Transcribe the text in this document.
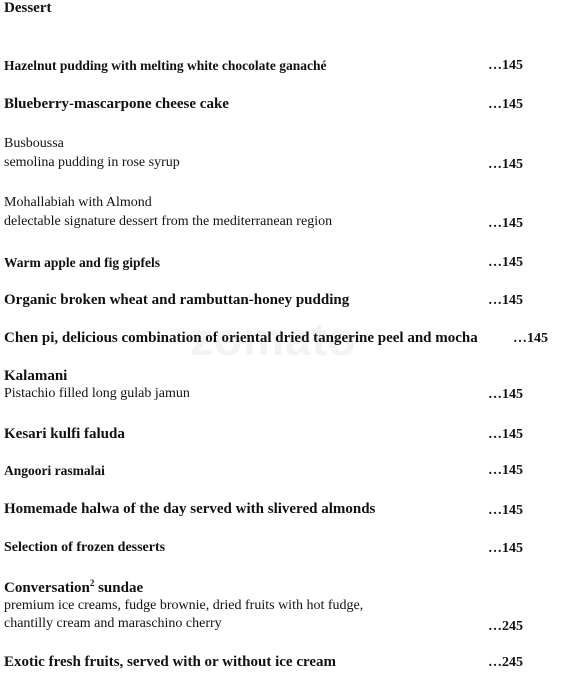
Dessert
Hazelnut pudding with melting white chocolate ganaché	…145
Blueberry-mascarpone cheese cake	…145
Busboussa
semolina pudding in rose syrup	…145
Mohallabiah with Almond
delectable signature dessert from the mediterranean region	…145
Warm apple and fig gipfels	…145
Organic broken wheat and rambuttan-honey pudding	…145
Chen pi, delicious combination of oriental dried tangerine peel and mocha	…145
Kalamani
Pistachio filled long gulab jamun	…145
Kesari kulfi faluda	…145
Angoori rasmalai	…145
Homemade halwa of the day served with slivered almonds	…145
Selection of frozen desserts	…145
Conversation$^2$ sundae
premium ice creams, fudge brownie, dried fruits with hot fudge,
chantilly cream and maraschino cherry	…245
Exotic fresh fruits, served with or without ice cream	…245
